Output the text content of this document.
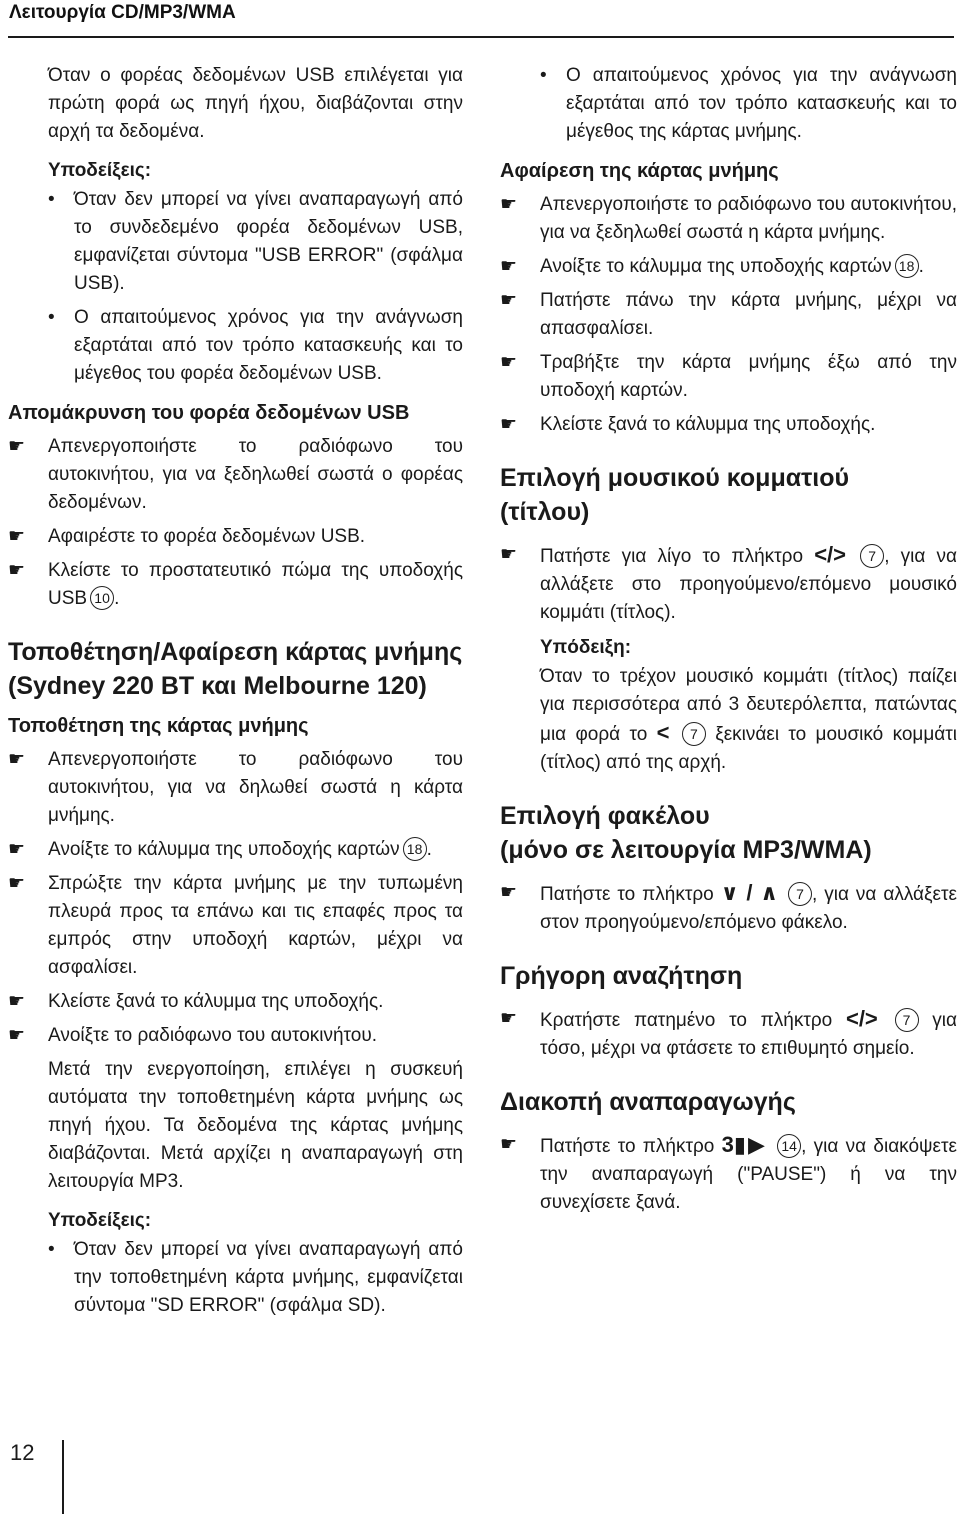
Λειτουργία CD/MP3/WMA

Όταν ο φορέας δεδομένων USB επιλέγεται για πρώτη φορά ως πηγή ήχου, διαβάζονται στην αρχή τα δεδομένα.

Υποδείξεις:
• Όταν δεν μπορεί να γίνει αναπαραγωγή από το συνδεδεμένο φορέα δεδομένων USB, εμφανίζεται σύντομα "USB ERROR" (σφάλμα USB).
• Ο απαιτούμενος χρόνος για την ανάγνωση εξαρτάται από τον τρόπο κατασκευής και το μέγεθος του φορέα δεδομένων USB.
Απομάκρυνση του φορέα δεδομένων USB
☛ Απενεργοποιήστε το ραδιόφωνο του αυτοκινήτου, για να ξεδηλωθεί σωστά ο φορέας δεδομένων.
☛ Αφαιρέστε το φορέα δεδομένων USB.
☛ Κλείστε το προστατευτικό πώμα της υποδοχής USB 10 .
Τοποθέτηση/Αφαίρεση κάρτας μνήμης
(Sydney 220 BT και Melbourne 120)
Τοποθέτηση της κάρτας μνήμης
☛ Απενεργοποιήστε το ραδιόφωνο του αυτοκινήτου, για να δηλωθεί σωστά η κάρτα μνήμης.
☛ Ανοίξτε το κάλυμμα της υποδοχής καρτών 18 .
☛ Σπρώξτε την κάρτα μνήμης με την τυπωμένη πλευρά προς τα επάνω και τις επαφές προς τα εμπρός στην υποδοχή καρτών, μέχρι να ασφαλίσει.
☛ Κλείστε ξανά το κάλυμμα της υποδοχής.
☛ Ανοίξτε το ραδιόφωνο του αυτοκινήτου.

Μετά την ενεργοποίηση, επιλέγει η συσκευή αυτόματα την τοποθετημένη κάρτα μνήμης ως πηγή ήχου. Τα δεδομένα της κάρτας μνήμης διαβάζονται. Μετά αρχίζει η αναπαραγωγή στη λειτουργία MP3.

Υποδείξεις:
• Όταν δεν μπορεί να γίνει αναπαραγωγή από την τοποθετημένη κάρτα μνήμης, εμφανίζεται σύντομα "SD ERROR" (σφάλμα SD).
• Ο απαιτούμενος χρόνος για την ανάγνωση εξαρτάται από τον τρόπο κατασκευής και το μέγεθος της κάρτας μνήμης.
Αφαίρεση της κάρτας μνήμης
☛ Απενεργοποιήστε το ραδιόφωνο του αυτοκινήτου, για να ξεδηλωθεί σωστά η κάρτα μνήμης.
☛ Ανοίξτε το κάλυμμα της υποδοχής καρτών 18 .
☛ Πατήστε πάνω την κάρτα μνήμης, μέχρι να απασφαλίσει.
☛ Τραβήξτε την κάρτα μνήμης έξω από την υποδοχή καρτών.
☛ Κλείστε ξανά το κάλυμμα της υποδοχής.
Επιλογή μουσικού κομματιού
(τίτλου)
☛ Πατήστε για λίγο το πλήκτρο </> 7 , για να αλλάξετε στο προηγούμενο/επόμενο μουσικό κομμάτι (τίτλος).
Υπόδειξη:

Όταν το τρέχον μουσικό κομμάτι (τίτλος) παίζει για περισσότερα από 3 δευτερόλεπτα, πατώντας μια φορά το < 7 ξεκινάει το μουσικό κομμάτι (τίτλος) από της αρχή.

Επιλογή φακέλου
(μόνο σε λειτουργία MP3/WMA)
☛ Πατήστε το πλήκτρο ∨ / ∧ 7 , για να αλλάξετε στον προηγούμενο/επόμενο φάκελο.
Γρήγορη αναζήτηση
☛ Κρατήστε πατημένο το πλήκτρο </> 7 για τόσο, μέχρι να φτάσετε το επιθυμητό σημείο.
Διακοπή αναπαραγωγής
☛ Πατήστε το πλήκτρο 3▮▶ 14 , για να διακόψετε την αναπαραγωγή ("PAUSE") ή να την συνεχίσετε ξανά.
12
